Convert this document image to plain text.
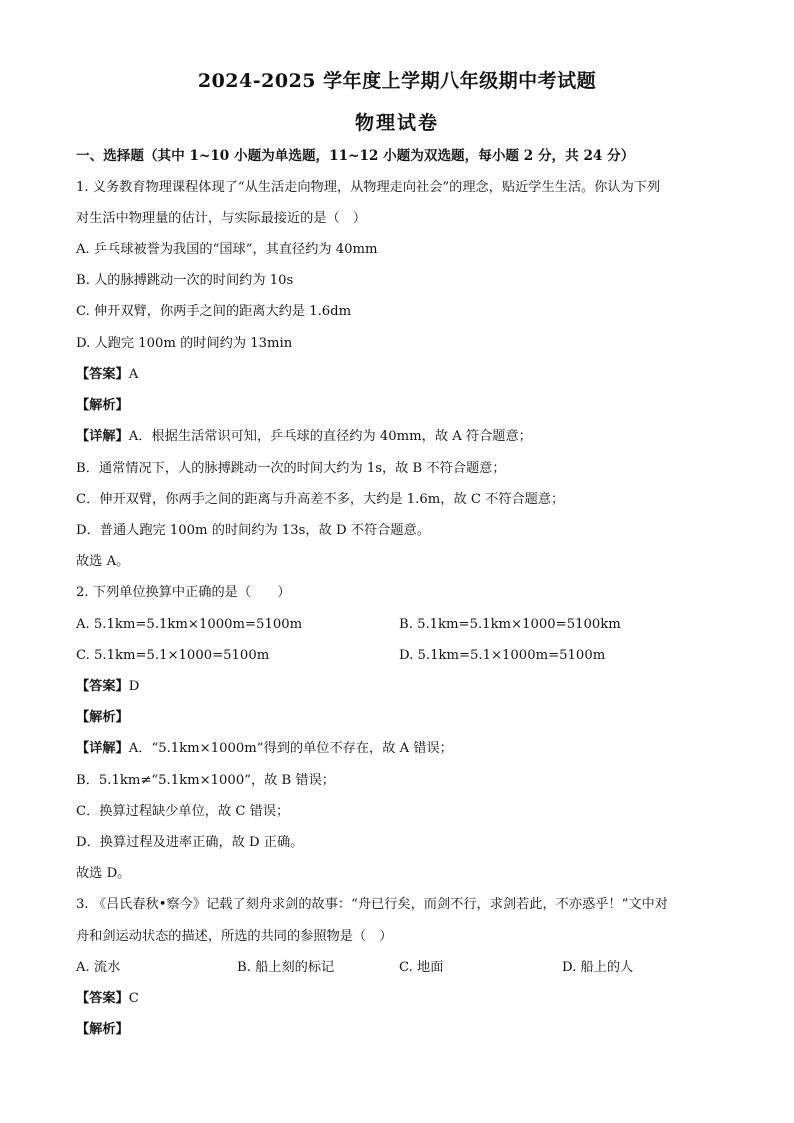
2024-2025 学年度上学期八年级期中考试题
物理试卷
一、选择题（其中 1~10 小题为单选题，11~12 小题为双选题，每小题 2 分，共 24 分）
1. 义务教育物理课程体现了“从生活走向物理，从物理走向社会”的理念，贴近学生生活。你认为下列
对生活中物理量的估计，与实际最接近的是（　）
A. 乒乓球被誉为我国的“国球”，其直径约为 40mm
B. 人的脉搏跳动一次的时间约为 10s
C. 伸开双臂，你两手之间的距离大约是 1.6dm
D. 人跑完 100m 的时间约为 13min
【答案】A
【解析】
【详解】A．根据生活常识可知，乒乓球的直径约为 40mm，故 A 符合题意；
B．通常情况下，人的脉搏跳动一次的时间大约为 1s，故 B 不符合题意；
C．伸开双臂，你两手之间的距离与升高差不多，大约是 1.6m，故 C 不符合题意；
D．普通人跑完 100m 的时间约为 13s，故 D 不符合题意。
故选 A。
2. 下列单位换算中正确的是（　　）
A. 5.1km=5.1km×1000m=5100m	B. 5.1km=5.1km×1000=5100km
C. 5.1km=5.1×1000=5100m	D. 5.1km=5.1×1000m=5100m
【答案】D
【解析】
【详解】A．“5.1km×1000m”得到的单位不存在，故 A 错误；
B．5.1km≠“5.1km×1000”，故 B 错误；
C．换算过程缺少单位，故 C 错误；
D．换算过程及进率正确，故 D 正确。
故选 D。
3. 《吕氏春秋•察今》记载了刻舟求剑的故事：“舟已行矣，而剑不行，求剑若此，不亦惑乎！”文中对
舟和剑运动状态的描述，所选的共同的参照物是（　）
A. 流水	B. 船上刻的标记	C. 地面	D. 船上的人
【答案】C
【解析】
